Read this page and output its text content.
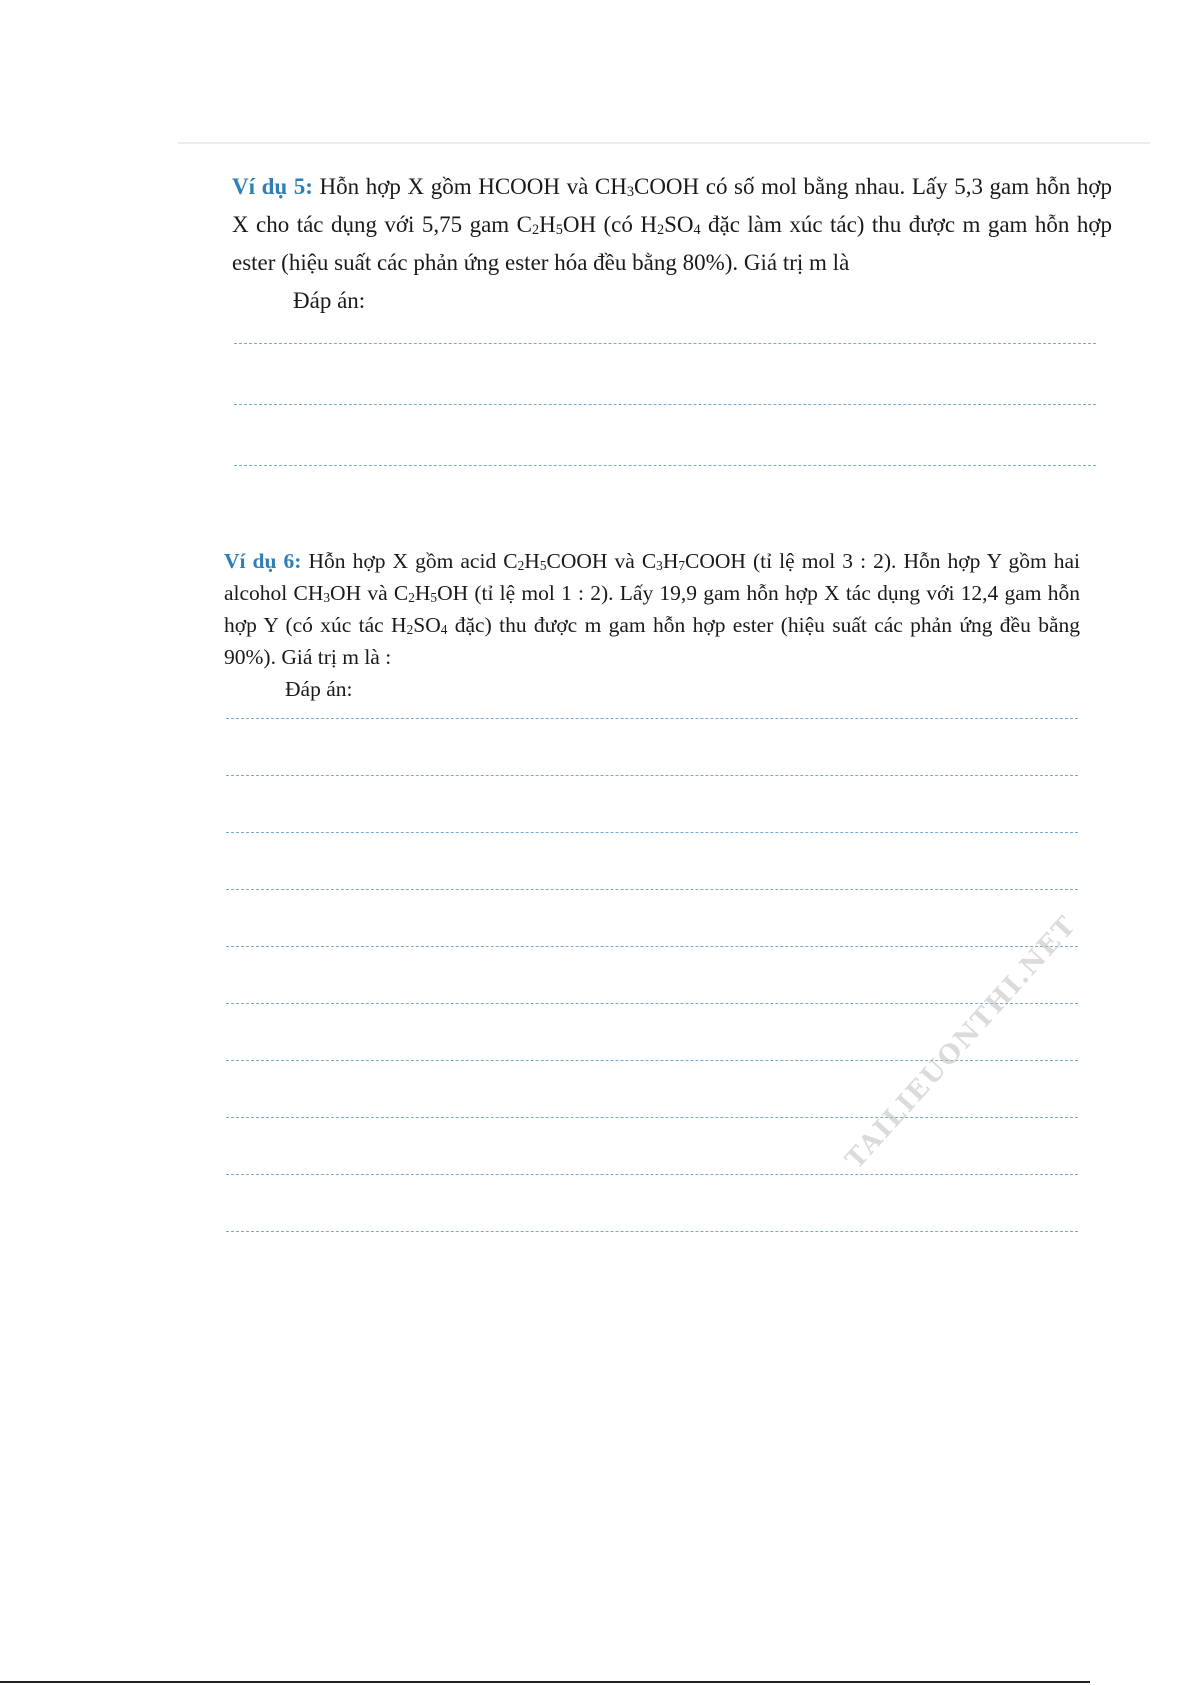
Ví dụ 5: Hỗn hợp X gồm HCOOH và $CH_3COOH$ có số mol bằng nhau. Lấy 5,3 gam hỗn hợp X cho tác dụng với 5,75 gam $C_2H_5OH$ (có $H_2SO_4$ đặc làm xúc tác) thu được m gam hỗn hợp ester (hiệu suất các phản ứng ester hóa đều bằng 80%). Giá trị m là

Đáp án:

Ví dụ 6: Hỗn hợp X gồm acid $C_2H_5COOH$ và $C_3H_7COOH$ (tỉ lệ mol 3 : 2). Hỗn hợp Y gồm hai alcohol $CH_3OH$ và $C_2H_5OH$ (tỉ lệ mol 1 : 2). Lấy 19,9 gam hỗn hợp X tác dụng với 12,4 gam hỗn hợp Y (có xúc tác $H_2SO_4$ đặc) thu được m gam hỗn hợp ester (hiệu suất các phản ứng đều bằng 90%). Giá trị m là :

Đáp án:
TAILIEUONTHI.NET
